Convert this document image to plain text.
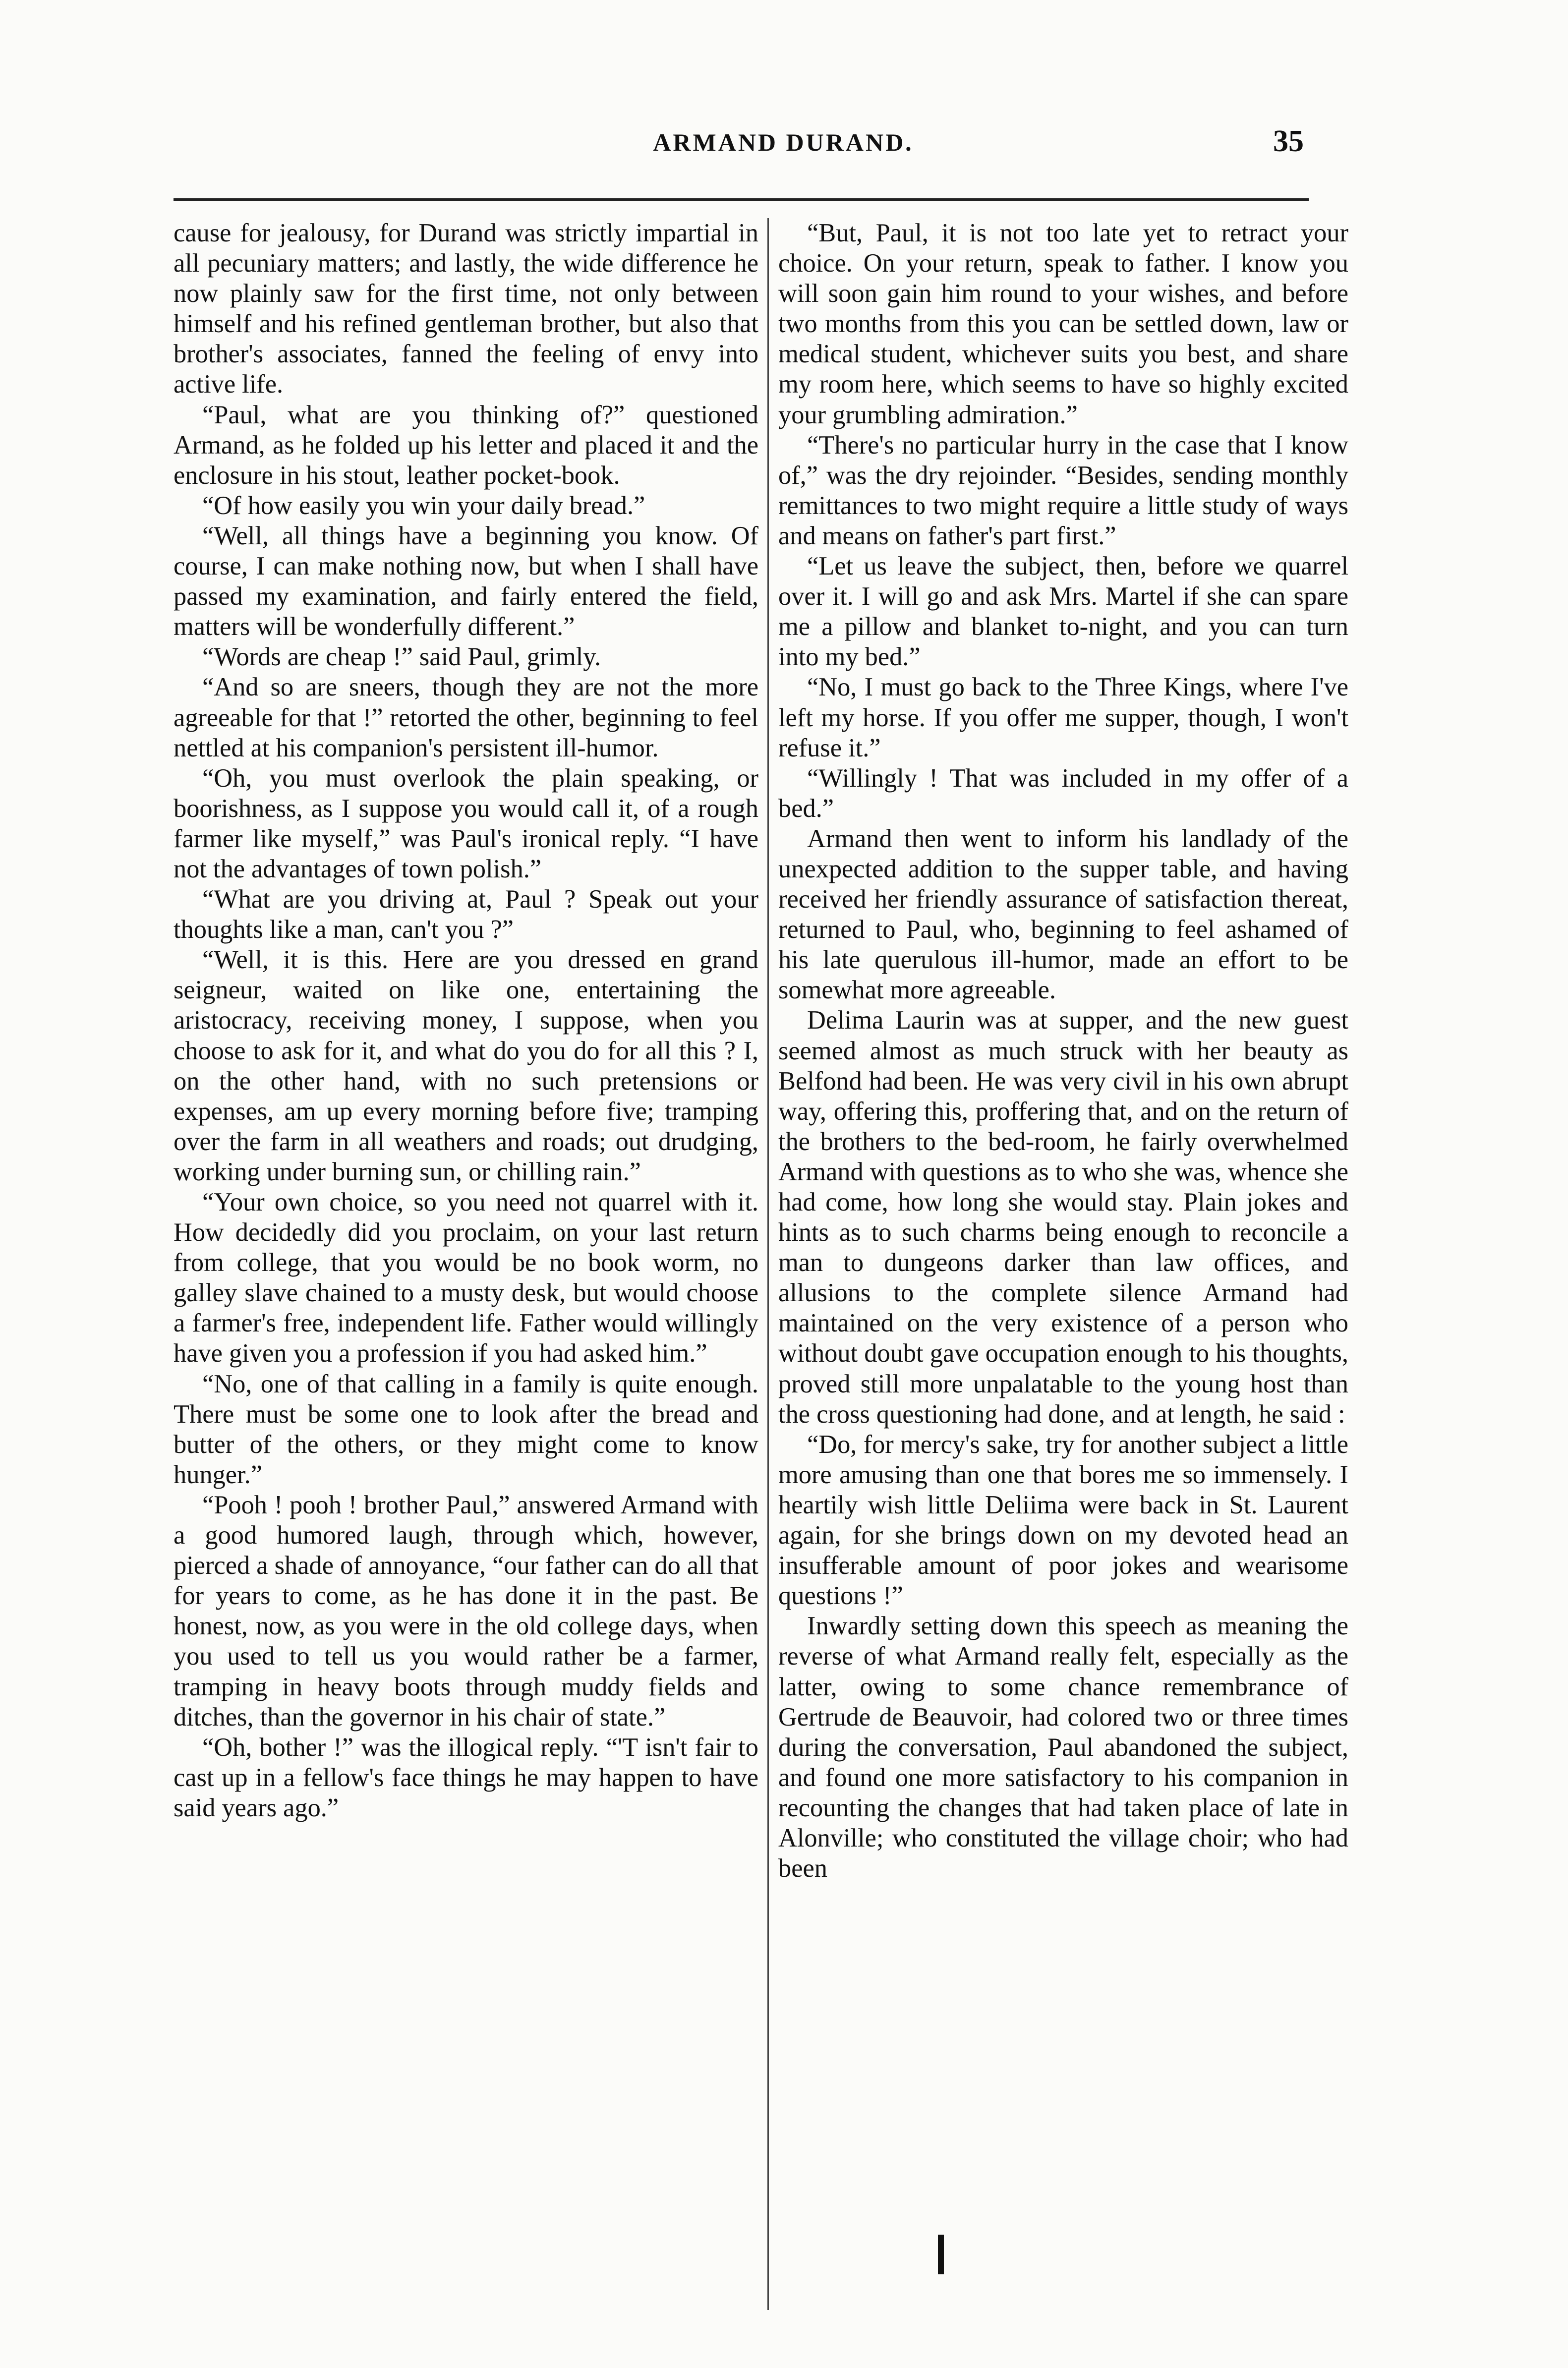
ARMAND DURAND.	35

cause for jealousy, for Durand was strictly impartial in all pecuniary matters; and lastly, the wide difference he now plainly saw for the first time, not only between himself and his refined gentleman brother, but also that brother's associates, fanned the feeling of envy into active life.

“Paul, what are you thinking of?” questioned Armand, as he folded up his letter and placed it and the enclosure in his stout, leather pocket-book.

“Of how easily you win your daily bread.”

“Well, all things have a beginning you know. Of course, I can make nothing now, but when I shall have passed my examination, and fairly entered the field, matters will be wonderfully different.”

“Words are cheap !” said Paul, grimly.

“And so are sneers, though they are not the more agreeable for that !” retorted the other, beginning to feel nettled at his companion's persistent ill-humor.

“Oh, you must overlook the plain speaking, or boorishness, as I suppose you would call it, of a rough farmer like myself,” was Paul's ironical reply. “I have not the advantages of town polish.”

“What are you driving at, Paul ? Speak out your thoughts like a man, can't you ?”

“Well, it is this. Here are you dressed en grand seigneur, waited on like one, entertaining the aristocracy, receiving money, I suppose, when you choose to ask for it, and what do you do for all this ? I, on the other hand, with no such pretensions or expenses, am up every morning before five; tramping over the farm in all weathers and roads; out drudging, working under burning sun, or chilling rain.”

“Your own choice, so you need not quarrel with it. How decidedly did you proclaim, on your last return from college, that you would be no book worm, no galley slave chained to a musty desk, but would choose a farmer's free, independent life. Father would willingly have given you a profession if you had asked him.”

“No, one of that calling in a family is quite enough. There must be some one to look after the bread and butter of the others, or they might come to know hunger.”

“Pooh ! pooh ! brother Paul,” answered Armand with a good humored laugh, through which, however, pierced a shade of annoyance, “our father can do all that for years to come, as he has done it in the past. Be honest, now, as you were in the old college days, when you used to tell us you would rather be a farmer, tramping in heavy boots through muddy fields and ditches, than the governor in his chair of state.”

“Oh, bother !” was the illogical reply. “'T isn't fair to cast up in a fellow's face things he may happen to have said years ago.”

“But, Paul, it is not too late yet to retract your choice. On your return, speak to father. I know you will soon gain him round to your wishes, and before two months from this you can be settled down, law or medical student, whichever suits you best, and share my room here, which seems to have so highly excited your grumbling admiration.”

“There's no particular hurry in the case that I know of,” was the dry rejoinder. “Besides, sending monthly remittances to two might require a little study of ways and means on father's part first.”

“Let us leave the subject, then, before we quarrel over it. I will go and ask Mrs. Martel if she can spare me a pillow and blanket to-night, and you can turn into my bed.”

“No, I must go back to the Three Kings, where I've left my horse. If you offer me supper, though, I won't refuse it.”

“Willingly ! That was included in my offer of a bed.”

Armand then went to inform his landlady of the unexpected addition to the supper table, and having received her friendly assurance of satisfaction thereat, returned to Paul, who, beginning to feel ashamed of his late querulous ill-humor, made an effort to be somewhat more agreeable.

Delima Laurin was at supper, and the new guest seemed almost as much struck with her beauty as Belfond had been. He was very civil in his own abrupt way, offering this, proffering that, and on the return of the brothers to the bed-room, he fairly overwhelmed Armand with questions as to who she was, whence she had come, how long she would stay. Plain jokes and hints as to such charms being enough to reconcile a man to dungeons darker than law offices, and allusions to the complete silence Armand had maintained on the very existence of a person who without doubt gave occupation enough to his thoughts, proved still more unpalatable to the young host than the cross questioning had done, and at length, he said :

“Do, for mercy's sake, try for another subject a little more amusing than one that bores me so immensely. I heartily wish little Deliima were back in St. Laurent again, for she brings down on my devoted head an insufferable amount of poor jokes and wearisome questions !”

Inwardly setting down this speech as meaning the reverse of what Armand really felt, especially as the latter, owing to some chance remembrance of Gertrude de Beauvoir, had colored two or three times during the conversation, Paul abandoned the subject, and found one more satisfactory to his companion in recounting the changes that had taken place of late in Alonville; who constituted the village choir; who had been
